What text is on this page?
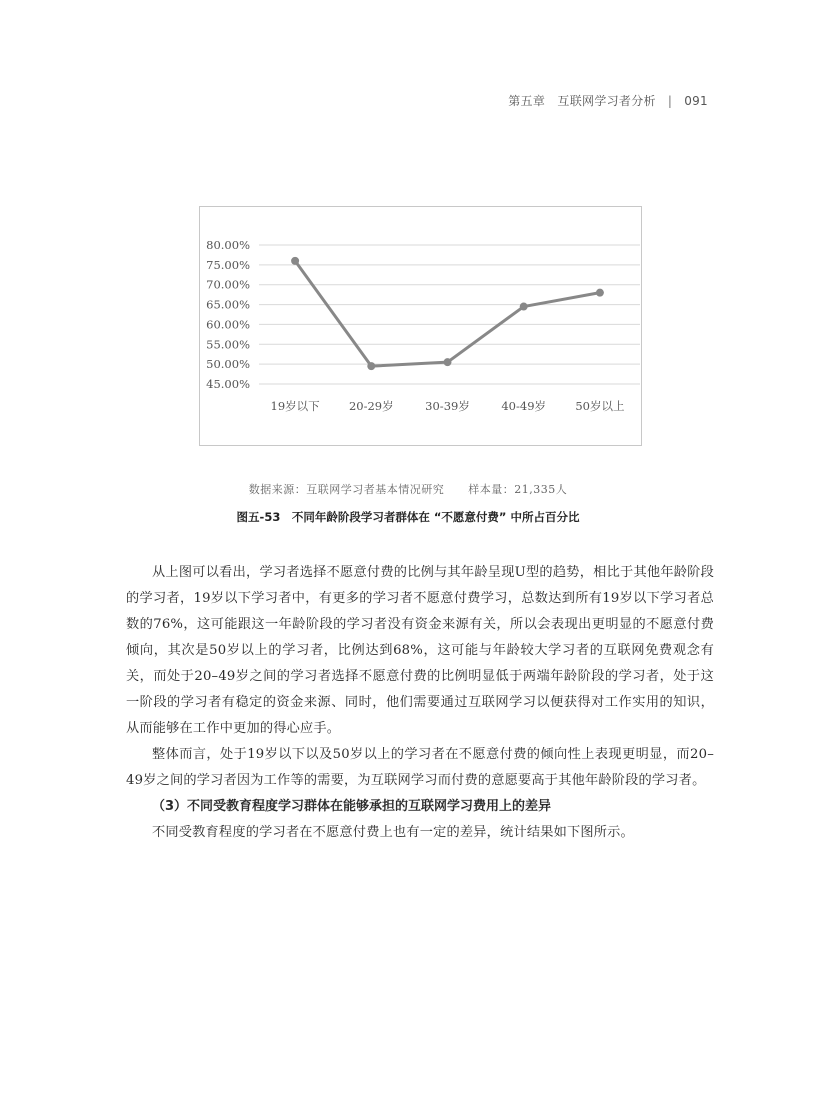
第五章　互联网学习者分析 | 091
80.00%
75.00%
70.00%
65.00%
60.00%
55.00%
50.00%
45.00%
19岁以下	20-29岁	30-39岁	40-49岁	50岁以上
数据来源：互联网学习者基本情况研究 样本量：21,335人
图五-53　不同年龄阶段学习者群体在 “不愿意付费” 中所占百分比

从上图可以看出，学习者选择不愿意付费的比例与其年龄呈现U型的趋势，相比于其他年龄阶段的学习者，19岁以下学习者中，有更多的学习者不愿意付费学习，总数达到所有19岁以下学习者总数的76%，这可能跟这一年龄阶段的学习者没有资金来源有关，所以会表现出更明显的不愿意付费倾向，其次是50岁以上的学习者，比例达到68%，这可能与年龄较大学习者的互联网免费观念有关，而处于20–49岁之间的学习者选择不愿意付费的比例明显低于两端年龄阶段的学习者，处于这一阶段的学习者有稳定的资金来源、同时，他们需要通过互联网学习以便获得对工作实用的知识，从而能够在工作中更加的得心应手。

整体而言，处于19岁以下以及50岁以上的学习者在不愿意付费的倾向性上表现更明显，而20–49岁之间的学习者因为工作等的需要，为互联网学习而付费的意愿要高于其他年龄阶段的学习者。

（3）不同受教育程度学习群体在能够承担的互联网学习费用上的差异

不同受教育程度的学习者在不愿意付费上也有一定的差异，统计结果如下图所示。
